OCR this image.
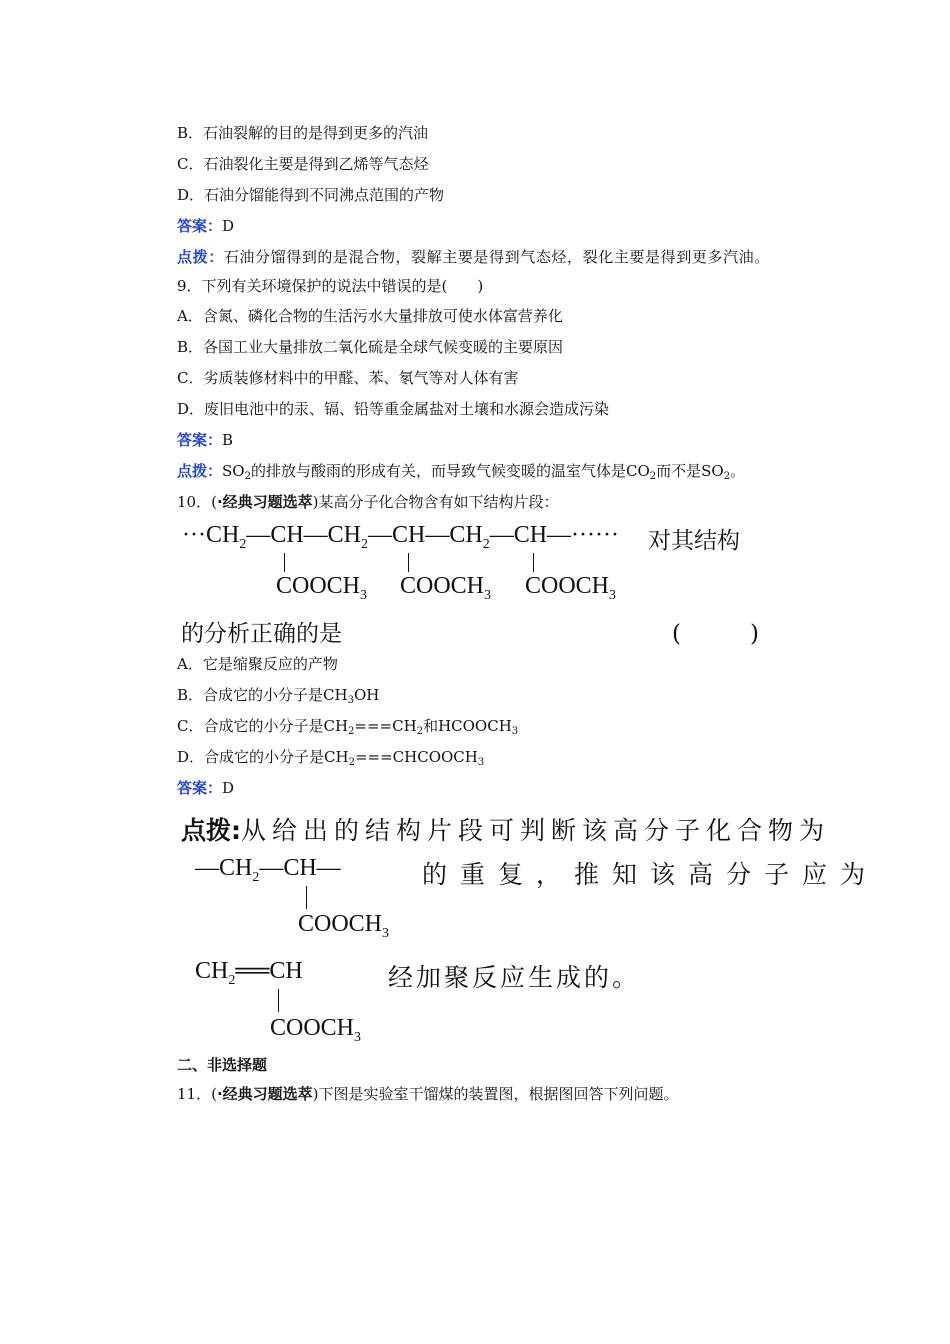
B．石油裂解的目的是得到更多的汽油
C．石油裂化主要是得到乙烯等气态烃
D．石油分馏能得到不同沸点范围的产物
答案：D
点拨：石油分馏得到的是混合物，裂解主要是得到气态烃，裂化主要是得到更多汽油。
9．下列有关环境保护的说法中错误的是(　　)
A．含氮、磷化合物的生活污水大量排放可使水体富营养化
B．各国工业大量排放二氧化硫是全球气候变暖的主要原因
C．劣质装修材料中的甲醛、苯、氡气等对人体有害
D．废旧电池中的汞、镉、铅等重金属盐对土壤和水源会造成污染
答案：B
点拨：$SO_2$的排放与酸雨的形成有关，而导致气候变暖的温室气体是$CO_2$而不是$SO_2$。
10．(·经典习题选萃)某高分子化合物含有如下结构片段：
$\cdot\cdot\cdot CH_2—CH—CH_2—CH—CH_2—CH—\cdot\cdot\cdot\cdot\cdot\cdot$
$COOCH_3$ $COOCH_3$ $COOCH_3$
对其结构
的分析正确的是	(　　　)
A．它是缩聚反应的产物
B．合成它的小分子是$CH_3OH$
C．合成它的小分子是$CH_2===CH_2$和$HCOOCH_3$
D．合成它的小分子是$CH_2===CHCOOCH_3$
答案：D
点拨:从给出的结构片段可判断该高分子化合物为
$—CH_2—CH—$
$COOCH_3$
的重复，推知该高分子应为
$CH_2══CH$
$COOCH_3$
经加聚反应生成的。
二、非选择题
11．(·经典习题选萃)下图是实验室干馏煤的装置图，根据图回答下列问题。
